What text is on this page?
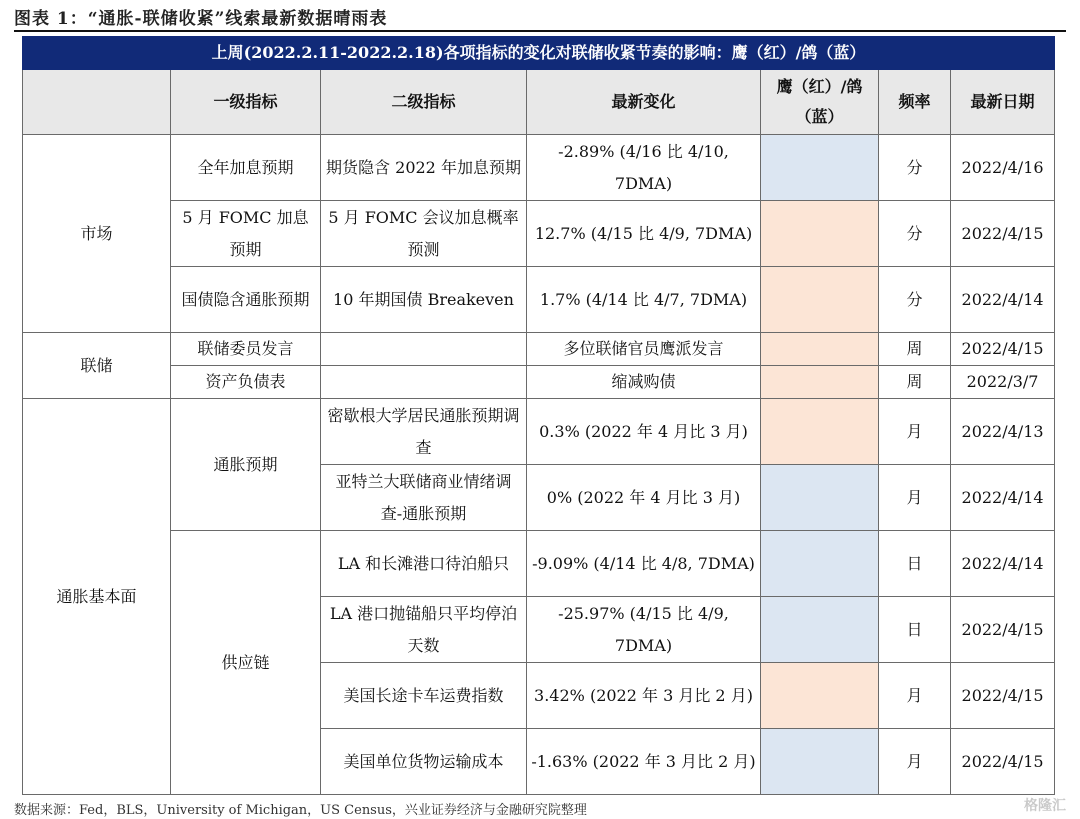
图表 1：“通胀-联储收紧”线索最新数据晴雨表
上周(2022.2.11-2022.2.18)各项指标的变化对联储收紧节奏的影响：鹰（红）/鸽（蓝）						
	一级指标	二级指标	最新变化	鹰（红）/鸽（蓝）	频率	最新日期
市场	全年加息预期	期货隐含 2022 年加息预期	-2.89% (4/16 比 4/10, 7DMA)		分	2022/4/16
	5 月 FOMC 加息预期	5 月 FOMC 会议加息概率预测	12.7% (4/15 比 4/9, 7DMA)		分	2022/4/15
	国债隐含通胀预期	10 年期国债 Breakeven	1.7% (4/14 比 4/7, 7DMA)		分	2022/4/14
联储	联储委员发言		多位联储官员鹰派发言		周	2022/4/15
	资产负债表		缩减购债		周	2022/3/7
通胀基本面	通胀预期	密歇根大学居民通胀预期调查	0.3% (2022 年 4 月比 3 月)		月	2022/4/13
		亚特兰大联储商业情绪调查-通胀预期	0% (2022 年 4 月比 3 月)		月	2022/4/14
	供应链	LA 和长滩港口待泊船只	-9.09% (4/14 比 4/8, 7DMA)		日	2022/4/14
		LA 港口抛锚船只平均停泊天数	-25.97% (4/15 比 4/9, 7DMA)		日	2022/4/15
		美国长途卡车运费指数	3.42% (2022 年 3 月比 2 月)		月	2022/4/15
		美国单位货物运输成本	-1.63% (2022 年 3 月比 2 月)		月	2022/4/15
数据来源：Fed，BLS，University of Michigan，US Census，兴业证券经济与金融研究院整理	格隆汇
